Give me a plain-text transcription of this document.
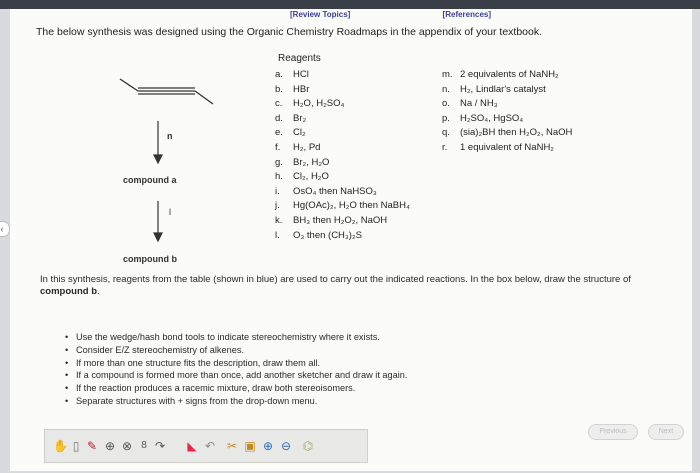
[Review Topics]	[References]
The below synthesis was designed using the Organic Chemistry Roadmaps in the appendix of your textbook.
n
compound a
l
compound b
Reagents
a. HCl
b. HBr
c. H₂O, H₂SO₄
d. Br₂
e. Cl₂
f. H₂, Pd
g. Br₂, H₂O
h. Cl₂, H₂O
i. OsO₄ then NaHSO₃
j. Hg(OAc)₂, H₂O then NaBH₄
k. BH₃ then H₂O₂, NaOH
l. O₃ then (CH₃)₂S
m. 2 equivalents of NaNH₂
n. H₂, Lindlar's catalyst
o. Na / NH₃
p. H₂SO₄, HgSO₄
q. (sia)₂BH then H₂O₂, NaOH
r. 1 equivalent of NaNH₂
In this synthesis, reagents from the table (shown in blue) are used to carry out the indicated reactions. In the box below, draw the structure of compound b.
• Use the wedge/hash bond tools to indicate stereochemistry where it exists.
• Consider E/Z stereochemistry of alkenes.
• If more than one structure fits the description, draw them all.
• If a compound is formed more than once, add another sketcher and draw it again.
• If the reaction produces a racemic mixture, draw both stereoisomers.
• Separate structures with + signs from the drop-down menu.
✋ ▯ ✎ ⊕ ⊗ 8 ↷ ◣ ↶ ✂ ▣ ⊕ ⊖ ⌬
Previous	Next
‹
